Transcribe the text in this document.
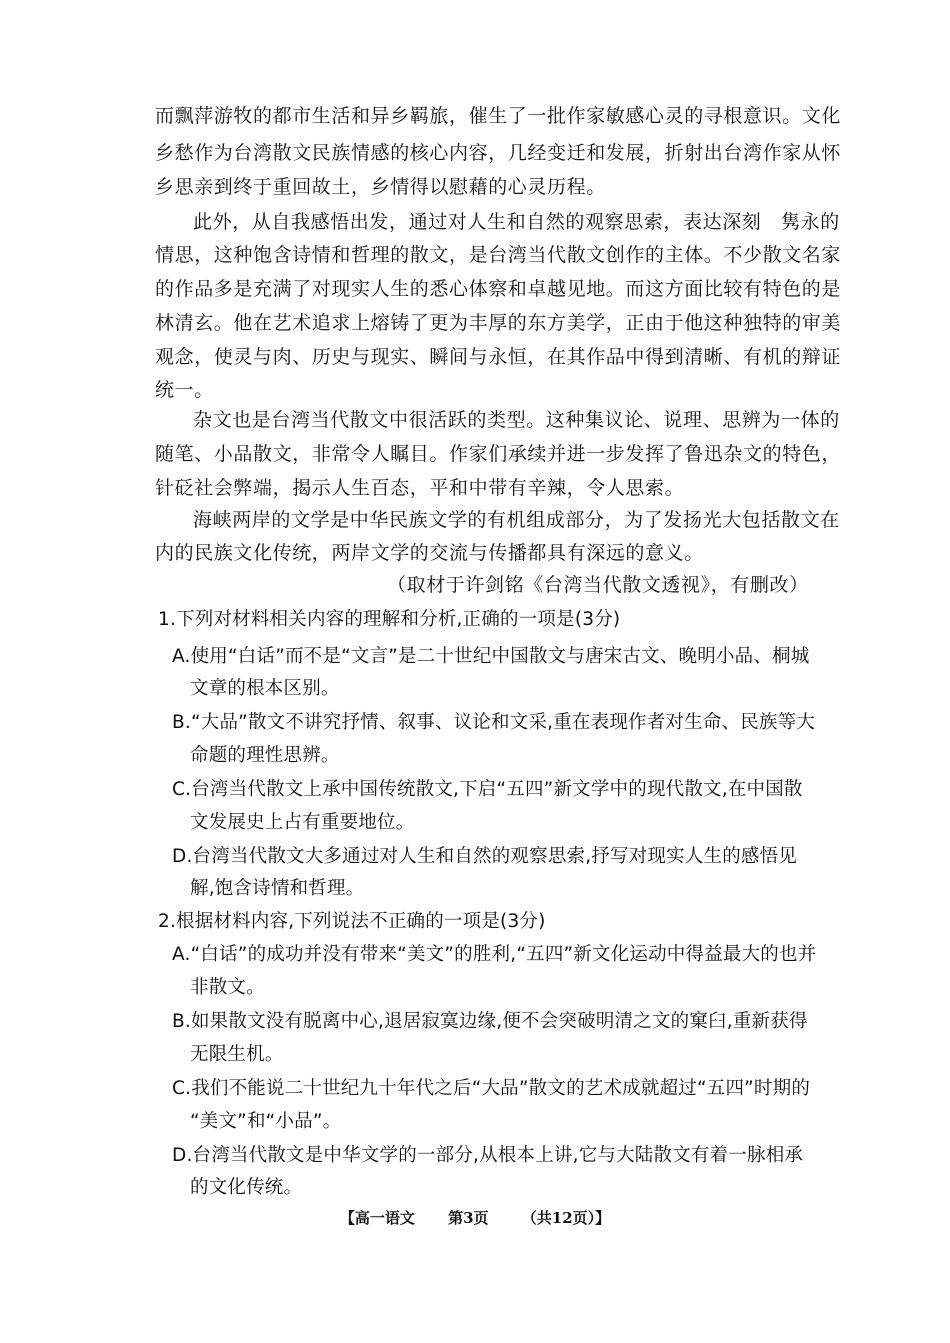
而飘萍游牧的都市生活和异乡羁旅，催生了一批作家敏感心灵的寻根意识。文化
乡愁作为台湾散文民族情感的核心内容，几经变迁和发展，折射出台湾作家从怀
乡思亲到终于重回故土，乡情得以慰藉的心灵历程。
此外，从自我感悟出发，通过对人生和自然的观察思索，表达深刻　隽永的
情思，这种饱含诗情和哲理的散文，是台湾当代散文创作的主体。不少散文名家
的作品多是充满了对现实人生的悉心体察和卓越见地。而这方面比较有特色的是
林清玄。他在艺术追求上熔铸了更为丰厚的东方美学，正由于他这种独特的审美
观念，使灵与肉、历史与现实、瞬间与永恒，在其作品中得到清晰、有机的辩证
统一。
杂文也是台湾当代散文中很活跃的类型。这种集议论、说理、思辨为一体的
随笔、小品散文，非常令人瞩目。作家们承续并进一步发挥了鲁迅杂文的特色，
针砭社会弊端，揭示人生百态，平和中带有辛辣，令人思索。
海峡两岸的文学是中华民族文学的有机组成部分，为了发扬光大包括散文在
内的民族文化传统，两岸文学的交流与传播都具有深远的意义。
（取材于许剑铭《台湾当代散文透视》，有删改）
1.下列对材料相关内容的理解和分析,正确的一项是(3分)
A.使用“白话”而不是“文言”是二十世纪中国散文与唐宋古文、晚明小品、桐城
文章的根本区别。
B.“大品”散文不讲究抒情、叙事、议论和文采,重在表现作者对生命、民族等大
命题的理性思辨。
C.台湾当代散文上承中国传统散文,下启“五四”新文学中的现代散文,在中国散
文发展史上占有重要地位。
D.台湾当代散文大多通过对人生和自然的观察思索,抒写对现实人生的感悟见
解,饱含诗情和哲理。
2.根据材料内容,下列说法不正确的一项是(3分)
A.“白话”的成功并没有带来“美文”的胜利,“五四”新文化运动中得益最大的也并
非散文。
B.如果散文没有脱离中心,退居寂寞边缘,便不会突破明清之文的窠臼,重新获得
无限生机。
C.我们不能说二十世纪九十年代之后“大品”散文的艺术成就超过“五四”时期的
“美文”和“小品”。
D.台湾当代散文是中华文学的一部分,从根本上讲,它与大陆散文有着一脉相承
的文化传统。
【高一语文 第3页 （共12页）】
